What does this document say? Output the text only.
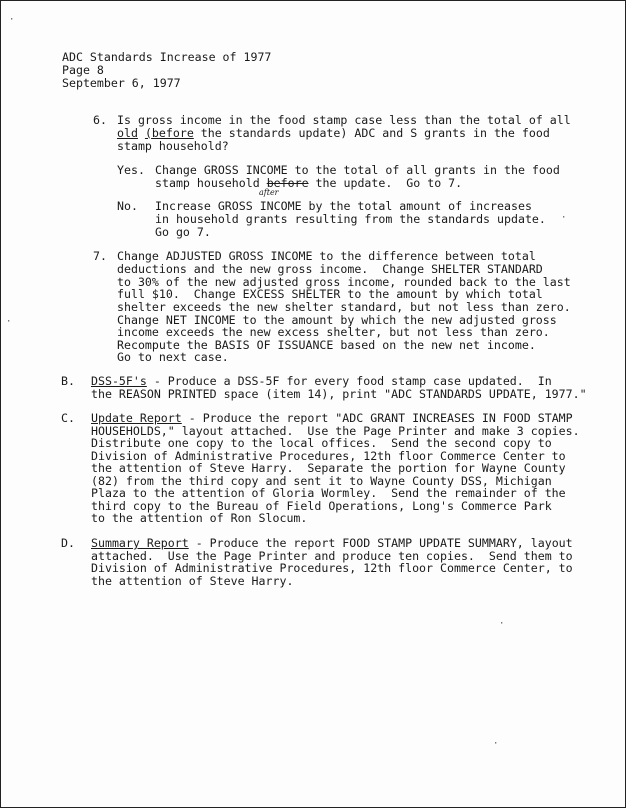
ADC Standards Increase of 1977
Page 8
September 6, 1977
6. Is gross income in the food stamp case less than the total of all
old (before the standards update) ADC and S grants in the food
stamp household?
Yes. Change GROSS INCOME to the total of all grants in the food
stamp household before the update.  Go to 7.
after
No. Increase GROSS INCOME by the total amount of increases
in household grants resulting from the standards update.
Go go 7.
7. Change ADJUSTED GROSS INCOME to the difference between total
deductions and the new gross income.  Change SHELTER STANDARD
to 30% of the new adjusted gross income, rounded back to the last
full $10.  Change EXCESS SHELTER to the amount by which total
shelter exceeds the new shelter standard, but not less than zero.
Change NET INCOME to the amount by which the new adjusted gross
income exceeds the new excess shelter, but not less than zero.
Recompute the BASIS OF ISSUANCE based on the new net income.
Go to next case.
B. DSS-5F's - Produce a DSS-5F for every food stamp case updated.  In
the REASON PRINTED space (item 14), print "ADC STANDARDS UPDATE, 1977."
C. Update Report - Produce the report "ADC GRANT INCREASES IN FOOD STAMP
HOUSEHOLDS," layout attached.  Use the Page Printer and make 3 copies.
Distribute one copy to the local offices.  Send the second copy to
Division of Administrative Procedures, 12th floor Commerce Center to
the attention of Steve Harry.  Separate the portion for Wayne County
(82) from the third copy and sent it to Wayne County DSS, Michigan
Plaza to the attention of Gloria Wormley.  Send the remainder of the
third copy to the Bureau of Field Operations, Long's Commerce Park
to the attention of Ron Slocum.
D. Summary Report - Produce the report FOOD STAMP UPDATE SUMMARY, layout
attached.  Use the Page Printer and produce ten copies.  Send them to
Division of Administrative Procedures, 12th floor Commerce Center, to
the attention of Steve Harry.
·
·
·
·
·
